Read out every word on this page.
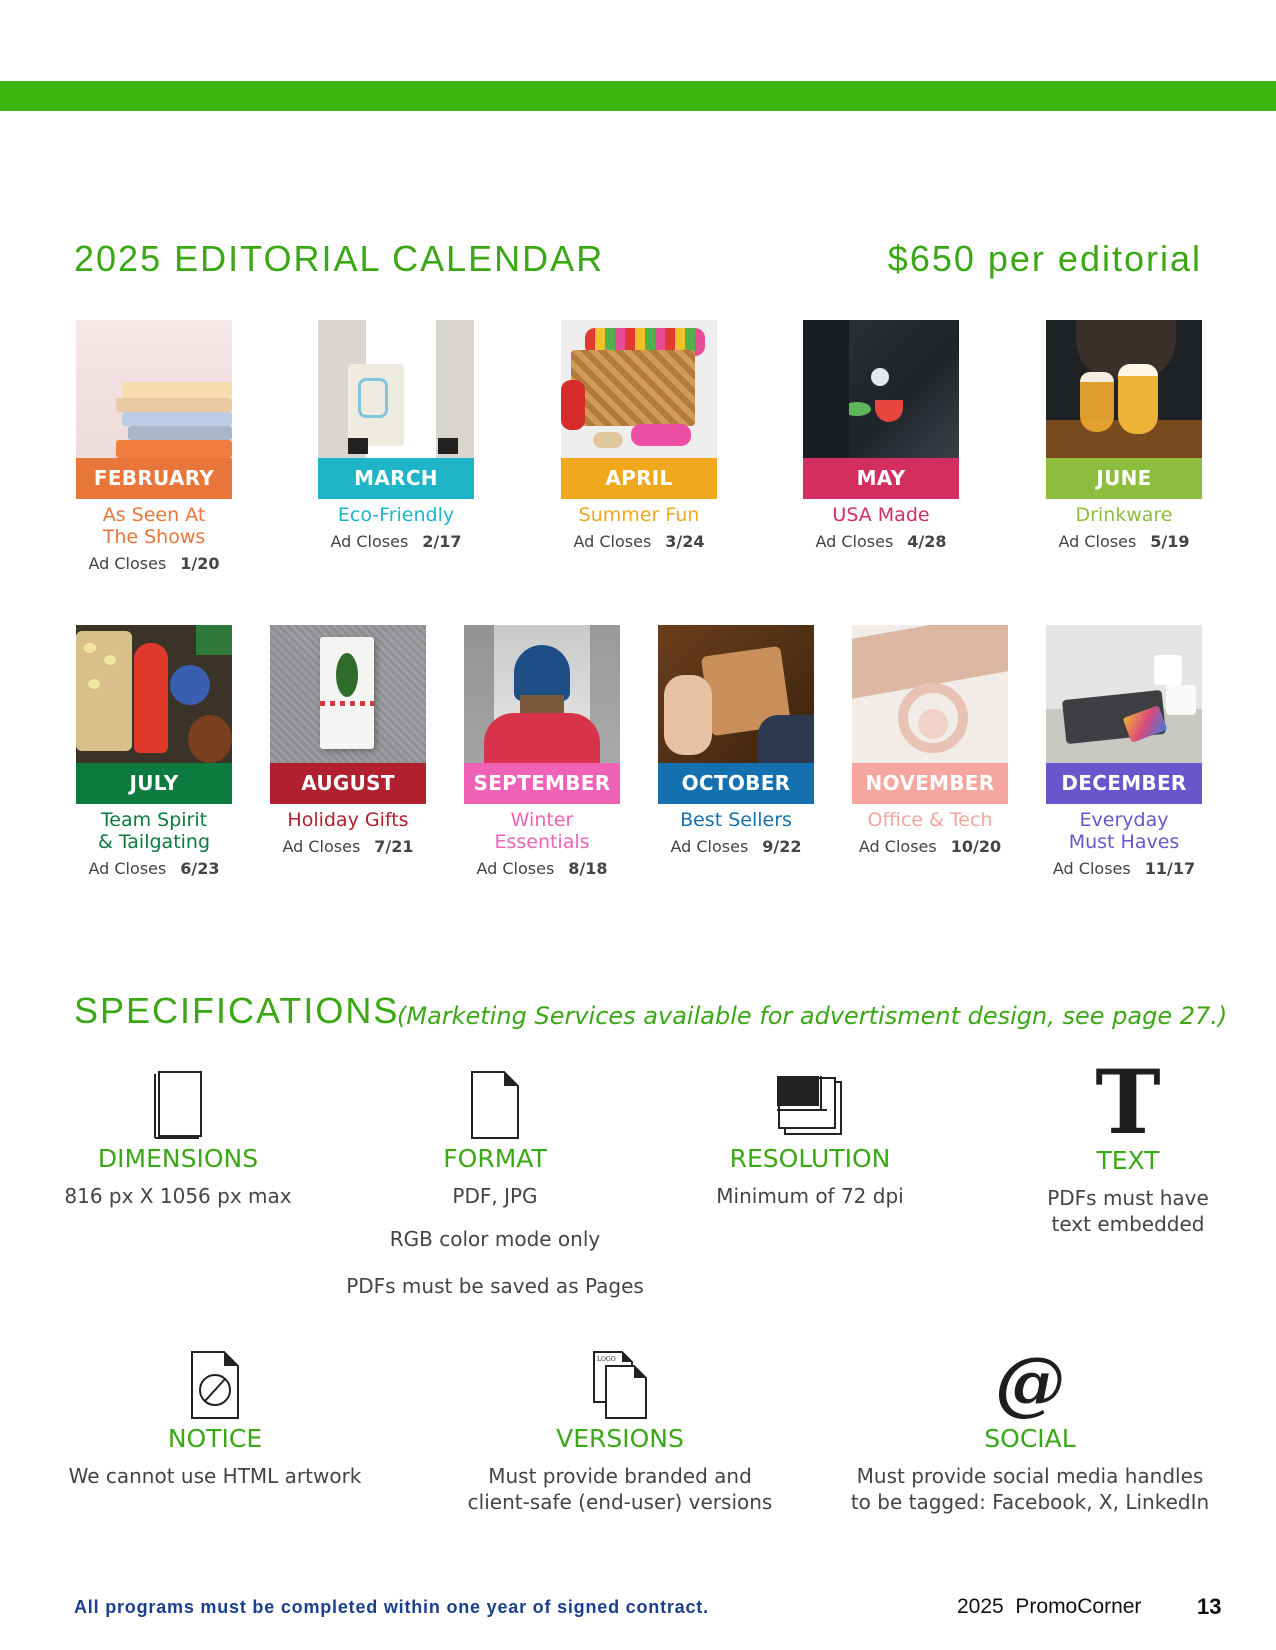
2025 EDITORIAL CALENDAR	$650 per editorial
FEBRUARY
As Seen At
The Shows
Ad Closes 1/20
MARCH
Eco-Friendly
Ad Closes 2/17
APRIL
Summer Fun
Ad Closes 3/24
MAY
USA Made
Ad Closes 4/28
JUNE
Drinkware
Ad Closes 5/19
JULY
Team Spirit
& Tailgating
Ad Closes 6/23
AUGUST
Holiday Gifts
Ad Closes 7/21
SEPTEMBER
Winter
Essentials
Ad Closes 8/18
OCTOBER
Best Sellers
Ad Closes 9/22
NOVEMBER
Office & Tech
Ad Closes 10/20
DECEMBER
Everyday
Must Haves
Ad Closes 11/17
SPECIFICATIONS
(Marketing Services available for advertisment design, see page 27.)
DIMENSIONS
816 px X 1056 px max
FORMAT
PDF, JPG
RGB color mode only
PDFs must be saved as Pages
RESOLUTION
Minimum of 72 dpi
T
TEXT
PDFs must have
text embedded
NOTICE
We cannot use HTML artwork
LOGO
VERSIONS
Must provide branded and
client-safe (end-user) versions
@
SOCIAL
Must provide social media handles
to be tagged: Facebook, X, LinkedIn
All programs must be completed within one year of signed contract.	2025  PromoCorner	13
